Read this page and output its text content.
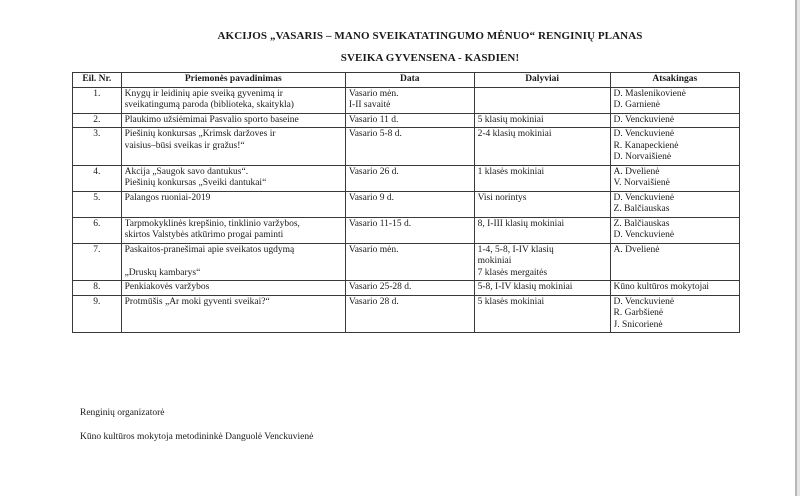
AKCIJOS „VASARIS – MANO SVEIKATATINGUMO MĖNUO“ RENGINIŲ PLANAS
SVEIKA GYVENSENA - KASDIEN!
Eil. Nr.	Priemonės pavadinimas	Data	Dalyviai	Atsakingas
1.	Knygų ir leidinių apie sveiką gyvenimą ir
sveikatingumą paroda (biblioteka, skaitykla)	Vasario mėn.
I-II savaitė		D. Maslenikovienė
D. Garnienė

2.	Plaukimo užsiėmimai Pasvalio sporto baseine	Vasario 11 d.	5 klasių mokiniai	D. Venckuvienė

3.	Piešinių konkursas „Krimsk daržoves ir
vaisius–būsi sveikas ir gražus!“	Vasario 5-8 d.	2-4 klasių mokiniai	D. Venckuvienė
R. Kanapeckienė
D. Norvaišienė

4.	Akcija „Saugok savo dantukus“.
Piešinių konkursas „Sveiki dantukai“	Vasario 26 d.	1 klasės mokiniai	A. Dvelienė
V. Norvaišienė

5.	Palangos ruoniai-2019	Vasario 9 d.	Visi norintys	D. Venckuvienė
Z. Balčiauskas

6.	Tarpmokyklinės krepšinio, tinklinio varžybos,
skirtos Valstybės atkūrimo progai paminti	Vasario 11-15 d.	8, I-III klasių mokiniai	Z. Balčiauskas
D. Venckuvienė

7.	Paskaitos-pranešimai apie sveikatos ugdymą

„Druskų kambarys“	Vasario mėn.	1-4, 5-8, I-IV klasių
mokiniai
7 klasės mergaitės	A. Dvelienė

8.	Penkiakovės varžybos	Vasario 25-28 d.	5-8, I-IV klasių mokiniai	Kūno kultūros mokytojai

9.	Protmūšis „Ar moki gyventi sveikai?“	Vasario 28 d.	5 klasės mokiniai	D. Venckuvienė
R. Garbšienė
J. Snicorienė
Renginių organizatorė
Kūno kultūros mokytoja metodininkė Danguolė Venckuvienė
